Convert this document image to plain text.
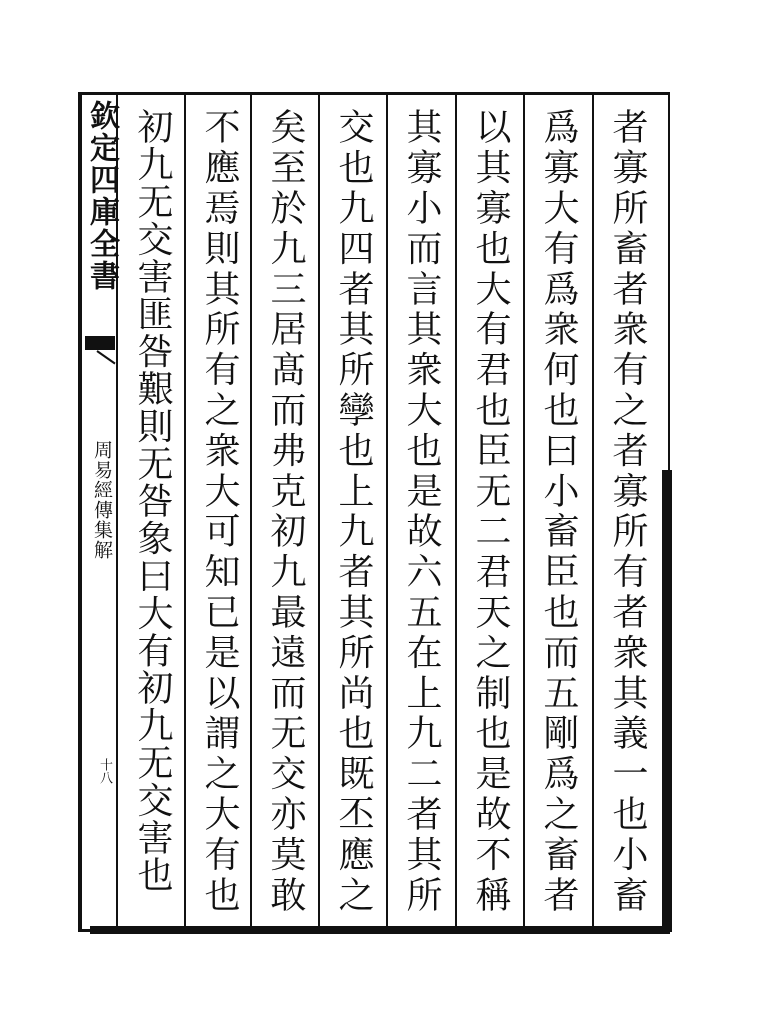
欽定四庫全書
周易經傳集解
十八	者寡所畜者衆有之者寡所有者衆其義一也小畜
爲寡大有爲衆何也曰小畜臣也而五剛爲之畜者
以其寡也大有君也臣无二君天之制也是故不稱
其寡小而言其衆大也是故六五在上九二者其所
交也九四者其所孿也上九者其所尚也既丕應之
矣至於九三居髙而弗克初九最遠而无交亦莫敢
不應焉則其所有之衆大可知已是以謂之大有也
初九无交害匪咎艱則无咎象曰大有初九无交害也
